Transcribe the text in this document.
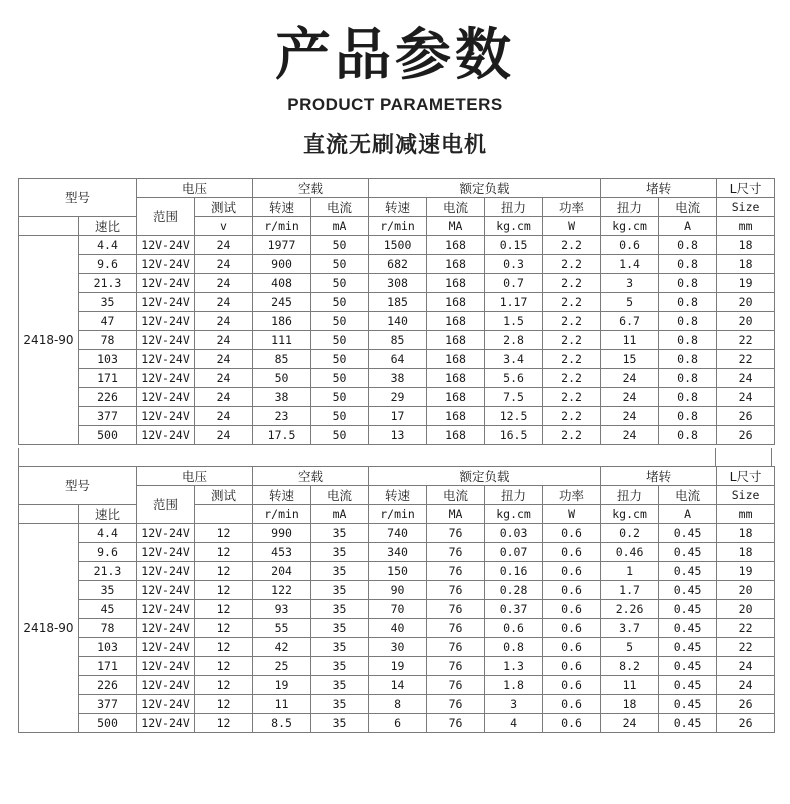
产品参数
PRODUCT PARAMETERS
直流无刷减速电机
型号		电压		空载		额定负载				堵转		L尺寸
		范围	测试	转速	电流	转速	电流	扭力	功率	扭力	电流	Size
	速比		v	r/min	mA	r/min	MA	kg.cm	W	kg.cm	A	mm
2418-90	4.4	12V-24V	24	1977	50	1500	168	0.15	2.2	0.6	0.8	18
	9.6	12V-24V	24	900	50	682	168	0.3	2.2	1.4	0.8	18
	21.3	12V-24V	24	408	50	308	168	0.7	2.2	3	0.8	19
	35	12V-24V	24	245	50	185	168	1.17	2.2	5	0.8	20
	47	12V-24V	24	186	50	140	168	1.5	2.2	6.7	0.8	20
	78	12V-24V	24	111	50	85	168	2.8	2.2	11	0.8	22
	103	12V-24V	24	85	50	64	168	3.4	2.2	15	0.8	22
	171	12V-24V	24	50	50	38	168	5.6	2.2	24	0.8	24
	226	12V-24V	24	38	50	29	168	7.5	2.2	24	0.8	24
	377	12V-24V	24	23	50	17	168	12.5	2.2	24	0.8	26
	500	12V-24V	24	17.5	50	13	168	16.5	2.2	24	0.8	26
型号		电压		空载		额定负载				堵转		L尺寸
		范围	测试	转速	电流	转速	电流	扭力	功率	扭力	电流	Size
	速比			r/min	mA	r/min	MA	kg.cm	W	kg.cm	A	mm
2418-90	4.4	12V-24V	12	990	35	740	76	0.03	0.6	0.2	0.45	18
	9.6	12V-24V	12	453	35	340	76	0.07	0.6	0.46	0.45	18
	21.3	12V-24V	12	204	35	150	76	0.16	0.6	1	0.45	19
	35	12V-24V	12	122	35	90	76	0.28	0.6	1.7	0.45	20
	45	12V-24V	12	93	35	70	76	0.37	0.6	2.26	0.45	20
	78	12V-24V	12	55	35	40	76	0.6	0.6	3.7	0.45	22
	103	12V-24V	12	42	35	30	76	0.8	0.6	5	0.45	22
	171	12V-24V	12	25	35	19	76	1.3	0.6	8.2	0.45	24
	226	12V-24V	12	19	35	14	76	1.8	0.6	11	0.45	24
	377	12V-24V	12	11	35	8	76	3	0.6	18	0.45	26
	500	12V-24V	12	8.5	35	6	76	4	0.6	24	0.45	26
